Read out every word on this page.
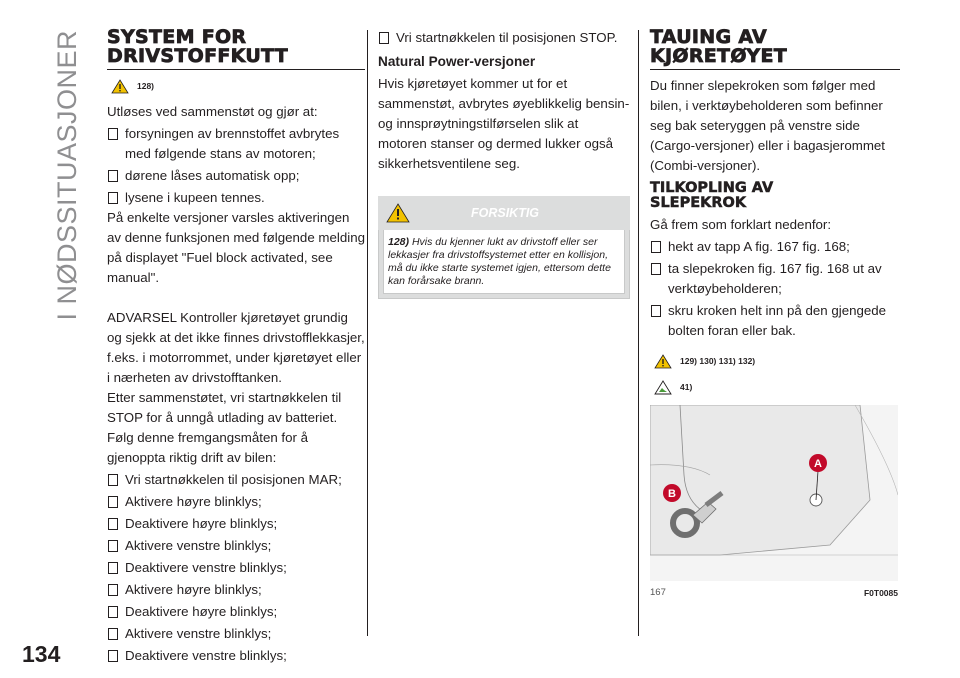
I NØDSSITUASJONER
134
SYSTEM FOR
DRIVSTOFFKUTT
128)

Utløses ved sammenstøt og gjør at:

forsyningen av brennstoffet avbrytes med følgende stans av motoren;
dørene låses automatisk opp;
lysene i kupeen tennes.

På enkelte versjoner varsles aktiveringen av denne funksjonen med følgende melding på displayet "Fuel block activated, see manual".

ADVARSEL Kontroller kjøretøyet grundig og sjekk at det ikke finnes drivstofflekkasjer, f.eks. i motorrommet, under kjøretøyet eller i nærheten av drivstofftanken.

Etter sammenstøtet, vri startnøkkelen til STOP for å unngå utlading av batteriet. Følg denne fremgangsmåten for å gjenoppta riktig drift av bilen:

Vri startnøkkelen til posisjonen MAR;
Aktivere høyre blinklys;
Deaktivere høyre blinklys;
Aktivere venstre blinklys;
Deaktivere venstre blinklys;
Aktivere høyre blinklys;
Deaktivere høyre blinklys;
Aktivere venstre blinklys;
Deaktivere venstre blinklys;
Vri startnøkkelen til posisjonen STOP.
Natural Power-versjoner

Hvis kjøretøyet kommer ut for et sammenstøt, avbrytes øyeblikkelig bensin- og innsprøytningstilførselen slik at motoren stanser og dermed lukker også sikkerhetsventilene seg.

FORSIKTIG
128) Hvis du kjenner lukt av drivstoff eller ser lekkasjer fra drivstoffsystemet etter en kollisjon, må du ikke starte systemet igjen, ettersom dette kan forårsake brann.
TAUING AV
KJØRETØYET

Du finner slepekroken som følger med bilen, i verktøybeholderen som befinner seg bak seteryggen på venstre side (Cargo-versjoner) eller i bagasjerommet (Combi-versjoner).

TILKOPLING AV
SLEPEKROK

Gå frem som forklart nedenfor:

hekt av tapp A fig. 167 fig. 168;
ta slepekroken fig. 167 fig. 168 ut av verktøybeholderen;
skru kroken helt inn på den gjengede bolten foran eller bak.
129) 130) 131) 132)
41)
A
B
167	F0T0085
